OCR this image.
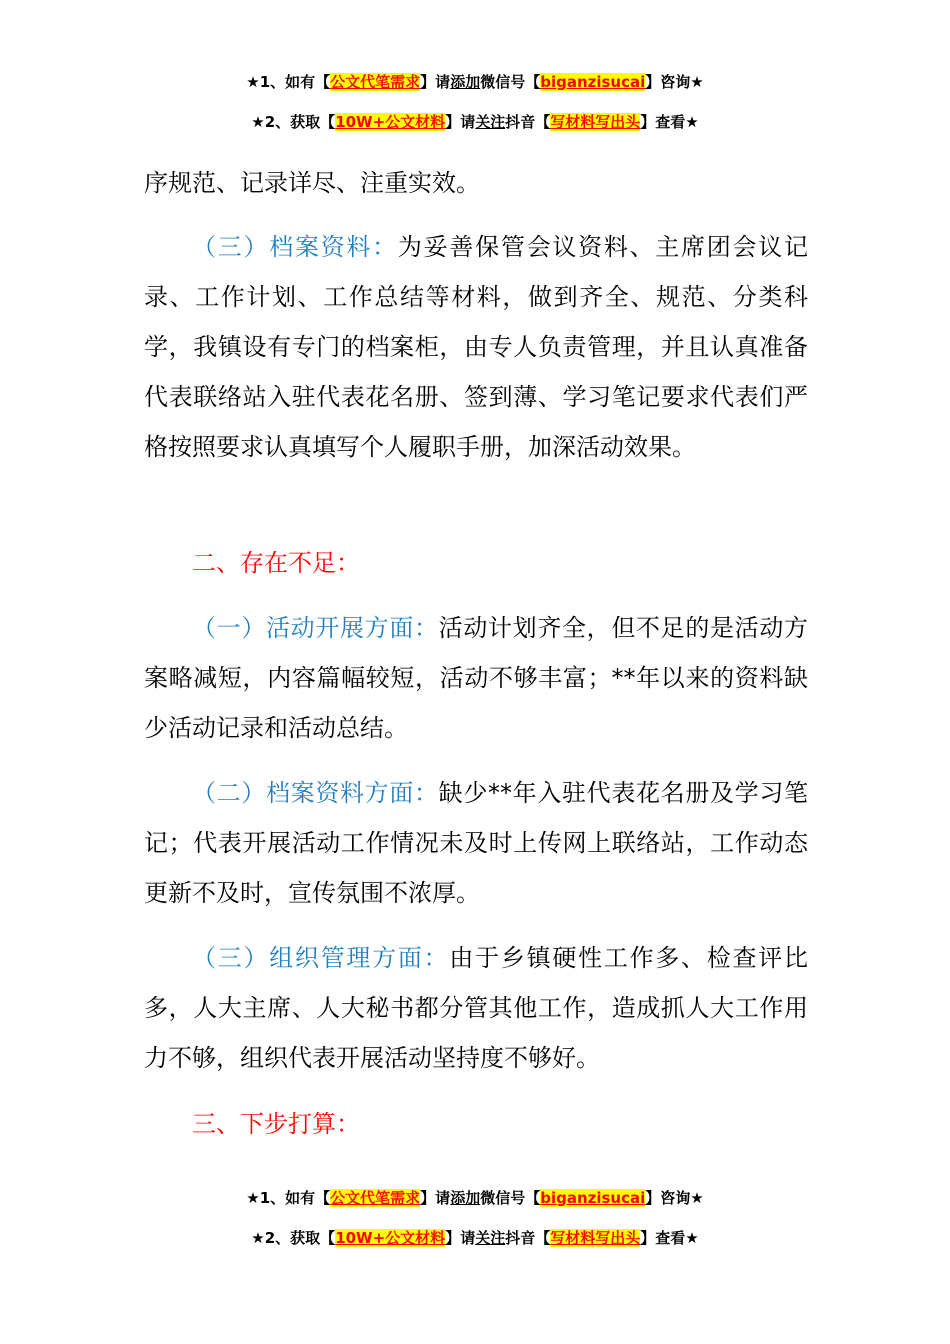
★1、如有【公文代笔需求】请添加微信号【biganzisucai】咨询★
★2、获取【10W+公文材料】请关注抖音【写材料写出头】查看★
序规范、记录详尽、注重实效。
（三）档案资料：为妥善保管会议资料、主席团会议记录、工作计划、工作总结等材料，做到齐全、规范、分类科学，我镇设有专门的档案柜，由专人负责管理，并且认真准备代表联络站入驻代表花名册、签到薄、学习笔记要求代表们严格按照要求认真填写个人履职手册，加深活动效果。
二、存在不足：
（一）活动开展方面：活动计划齐全，但不足的是活动方案略减短，内容篇幅较短，活动不够丰富；**年以来的资料缺少活动记录和活动总结。
（二）档案资料方面：缺少**年入驻代表花名册及学习笔记；代表开展活动工作情况未及时上传网上联络站，工作动态更新不及时，宣传氛围不浓厚。
（三）组织管理方面：由于乡镇硬性工作多、检查评比多，人大主席、人大秘书都分管其他工作，造成抓人大工作用力不够，组织代表开展活动坚持度不够好。
三、下步打算：
★1、如有【公文代笔需求】请添加微信号【biganzisucai】咨询★
★2、获取【10W+公文材料】请关注抖音【写材料写出头】查看★
